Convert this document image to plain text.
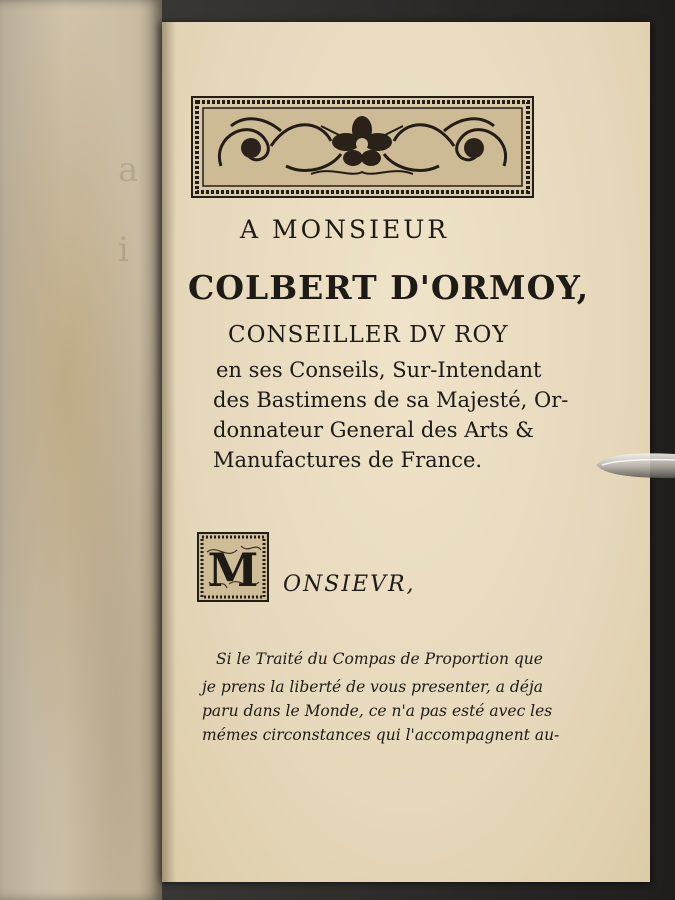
a
i
A MONSIEUR
COLBERT D'ORMOY,
CONSEILLER DV ROY
en ses Conseils, Sur-Intendant
des Bastimens de sa Majesté, Or-
donnateur General des Arts &
Manufactures de France.
M ONSIEVR,
Si le Traité du Compas de Proportion que
je prens la liberté de vous presenter, a déja
paru dans le Monde, ce n'a pas esté avec les
mémes circonstances qui l'accompagnent au-
